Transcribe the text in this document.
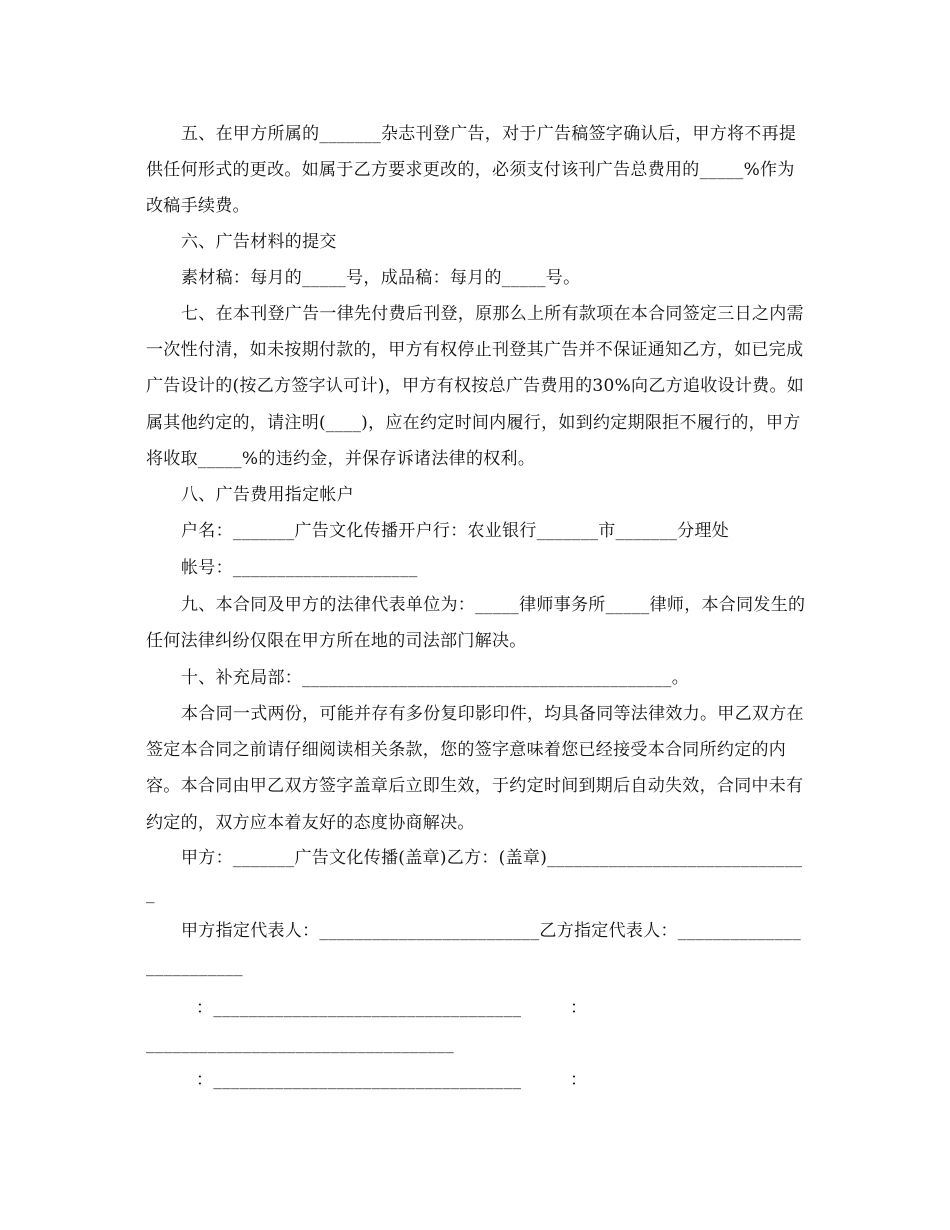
五、在甲方所属的_______杂志刊登广告，对于广告稿签字确认后，甲方将不再提供任何形式的更改。如属于乙方要求更改的，必须支付该刊广告总费用的_____%作为改稿手续费。

六、广告材料的提交

素材稿：每月的_____号，成品稿：每月的_____号。

七、在本刊登广告一律先付费后刊登，原那么上所有款项在本合同签定三日之内需一次性付清，如未按期付款的，甲方有权停止刊登其广告并不保证通知乙方，如已完成广告设计的(按乙方签字认可计)，甲方有权按总广告费用的30%向乙方追收设计费。如属其他约定的，请注明(____)，应在约定时间内履行，如到约定期限拒不履行的，甲方将收取_____%的违约金，并保存诉诸法律的权利。

八、广告费用指定帐户

户名：_______广告文化传播开户行：农业银行_______市_______分理处

帐号：_____________________

九、本合同及甲方的法律代表单位为：_____律师事务所_____律师，本合同发生的任何法律纠纷仅限在甲方所在地的司法部门解决。

十、补充局部：__________________________________________。

本合同一式两份，可能并存有多份复印影印件，均具备同等法律效力。甲乙双方在签定本合同之前请仔细阅读相关条款，您的签字意味着您已经接受本合同所约定的内容。本合同由甲乙双方签字盖章后立即生效，于约定时间到期后自动失效，合同中未有约定的，双方应本着友好的态度协商解决。

甲方：_______广告文化传播(盖章)乙方：(盖章)______________________________

甲方指定代表人：_________________________乙方指定代表人：_________________________

：___________________________________	：

___________________________________

：___________________________________	：
